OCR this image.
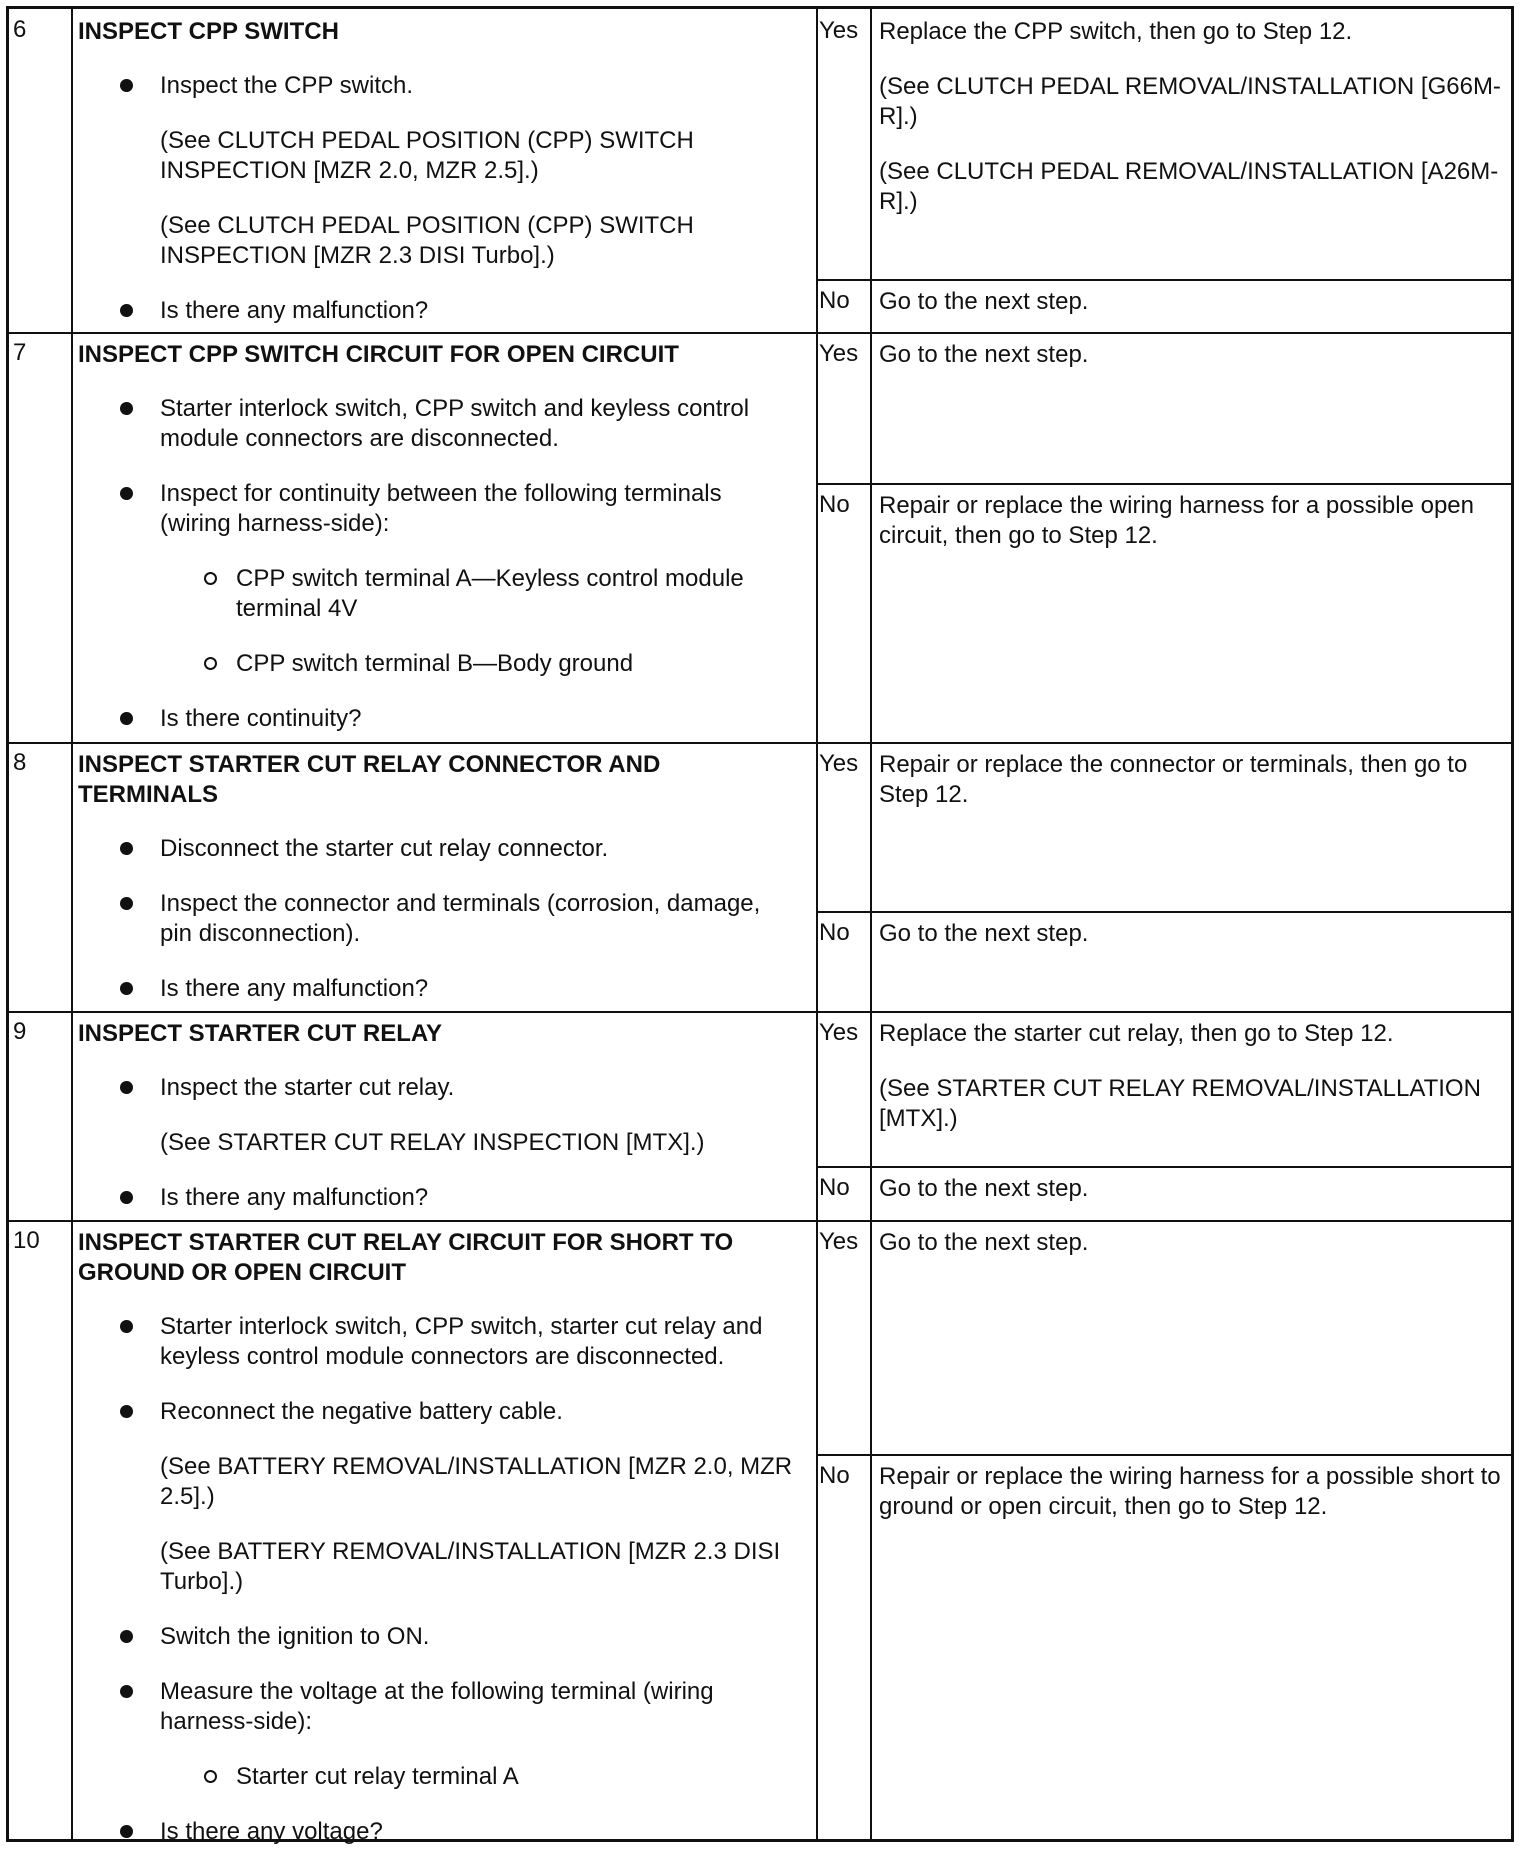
6 INSPECT CPP SWITCH
Inspect the CPP switch.
(See CLUTCH PEDAL POSITION (CPP) SWITCH INSPECTION [MZR 2.0, MZR 2.5].)
(See CLUTCH PEDAL POSITION (CPP) SWITCH INSPECTION [MZR 2.3 DISI Turbo].)
Is there any malfunction?
Yes Replace the CPP switch, then go to Step 12.

(See CLUTCH PEDAL REMOVAL/INSTALLATION [G66M-R].)

(See CLUTCH PEDAL REMOVAL/INSTALLATION [A26M-R].)

No Go to the next step.

7 INSPECT CPP SWITCH CIRCUIT FOR OPEN CIRCUIT
Starter interlock switch, CPP switch and keyless control module connectors are disconnected.
Inspect for continuity between the following terminals (wiring harness-side):
CPP switch terminal A—Keyless control module terminal 4V
CPP switch terminal B—Body ground
Is there continuity?
Yes Go to the next step.

No Repair or replace the wiring harness for a possible open circuit, then go to Step 12.

8 INSPECT STARTER CUT RELAY CONNECTOR AND TERMINALS
Disconnect the starter cut relay connector.
Inspect the connector and terminals (corrosion, damage, pin disconnection).
Is there any malfunction?
Yes Repair or replace the connector or terminals, then go to Step 12.

No Go to the next step.

9 INSPECT STARTER CUT RELAY
Inspect the starter cut relay.
(See STARTER CUT RELAY INSPECTION [MTX].)
Is there any malfunction?
Yes Replace the starter cut relay, then go to Step 12.

(See STARTER CUT RELAY REMOVAL/INSTALLATION [MTX].)

No Go to the next step.

10 INSPECT STARTER CUT RELAY CIRCUIT FOR SHORT TO GROUND OR OPEN CIRCUIT
Starter interlock switch, CPP switch, starter cut relay and keyless control module connectors are disconnected.
Reconnect the negative battery cable.
(See BATTERY REMOVAL/INSTALLATION [MZR 2.0, MZR 2.5].)
(See BATTERY REMOVAL/INSTALLATION [MZR 2.3 DISI Turbo].)
Switch the ignition to ON.
Measure the voltage at the following terminal (wiring harness-side):
Starter cut relay terminal A
Is there any voltage?
Yes Go to the next step.

No Repair or replace the wiring harness for a possible short to ground or open circuit, then go to Step 12.
